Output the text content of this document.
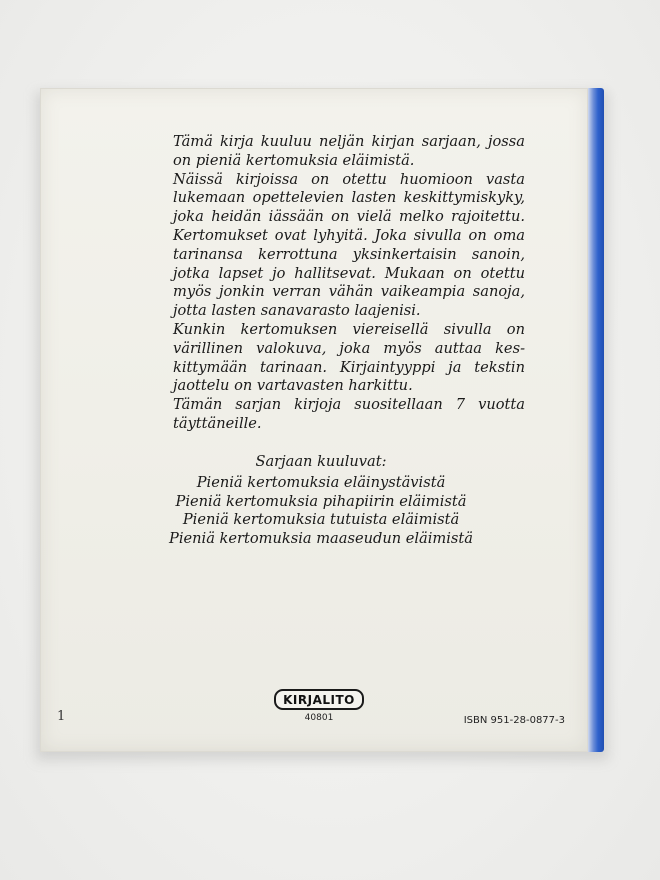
Tämä kirja kuuluu neljän kirjan sarjaan, jossa on pieniä kertomuksia eläimistä.

Näissä kirjoissa on otettu huomioon vasta lukemaan opettelevien lasten keskittymiskyky, joka heidän iässään on vielä melko rajoitettu. Kertomukset ovat lyhyitä. Joka sivulla on oma tarinansa kerrottuna yksinkertaisin sanoin, jotka lapset jo hallitsevat. Mukaan on otettu myös jonkin verran vähän vaikeampia sanoja, jotta lasten sanavarasto laajenisi.

Kunkin kertomuksen viereisellä sivulla on värillinen valokuva, joka myös auttaa keskittymään tarinaan. Kirjaintyyppi ja tekstin jaottelu on vartavasten harkittu.

Tämän sarjan kirjoja suositellaan 7 vuotta täyttäneille.

Sarjaan kuuluvat:
Pieniä kertomuksia eläinystävistä
Pieniä kertomuksia pihapiirin eläimistä
Pieniä kertomuksia tutuista eläimistä
Pieniä kertomuksia maaseudun eläimistä
KIRJALITO
40801	ISBN 951-28-0877-3
1
